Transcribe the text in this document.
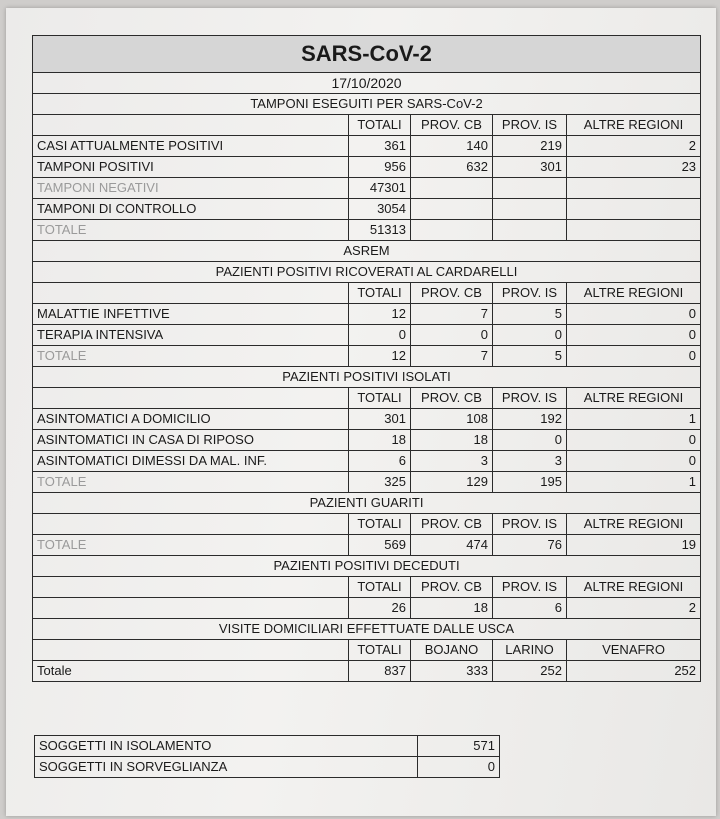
SARS-CoV-2				
17/10/2020				
TAMPONI ESEGUITI PER SARS-CoV-2				
	TOTALI	PROV. CB	PROV. IS	ALTRE REGIONI
CASI ATTUALMENTE POSITIVI	361	140	219	2
TAMPONI POSITIVI	956	632	301	23
TAMPONI NEGATIVI	47301			
TAMPONI DI CONTROLLO	3054			
TOTALE	51313			
ASREM				
PAZIENTI POSITIVI RICOVERATI AL CARDARELLI				
	TOTALI	PROV. CB	PROV. IS	ALTRE REGIONI
MALATTIE INFETTIVE	12	7	5	0
TERAPIA INTENSIVA	0	0	0	0
TOTALE	12	7	5	0
PAZIENTI POSITIVI ISOLATI				
	TOTALI	PROV. CB	PROV. IS	ALTRE REGIONI
ASINTOMATICI A DOMICILIO	301	108	192	1
ASINTOMATICI IN CASA DI RIPOSO	18	18	0	0
ASINTOMATICI DIMESSI DA MAL. INF.	6	3	3	0
TOTALE	325	129	195	1
PAZIENTI GUARITI				
	TOTALI	PROV. CB	PROV. IS	ALTRE REGIONI
TOTALE	569	474	76	19
PAZIENTI POSITIVI DECEDUTI				
	TOTALI	PROV. CB	PROV. IS	ALTRE REGIONI
	26	18	6	2
VISITE DOMICILIARI EFFETTUATE DALLE USCA				
	TOTALI	BOJANO	LARINO	VENAFRO
Totale	837	333	252	252
SOGGETTI IN ISOLAMENTO	571
SOGGETTI IN SORVEGLIANZA	0
